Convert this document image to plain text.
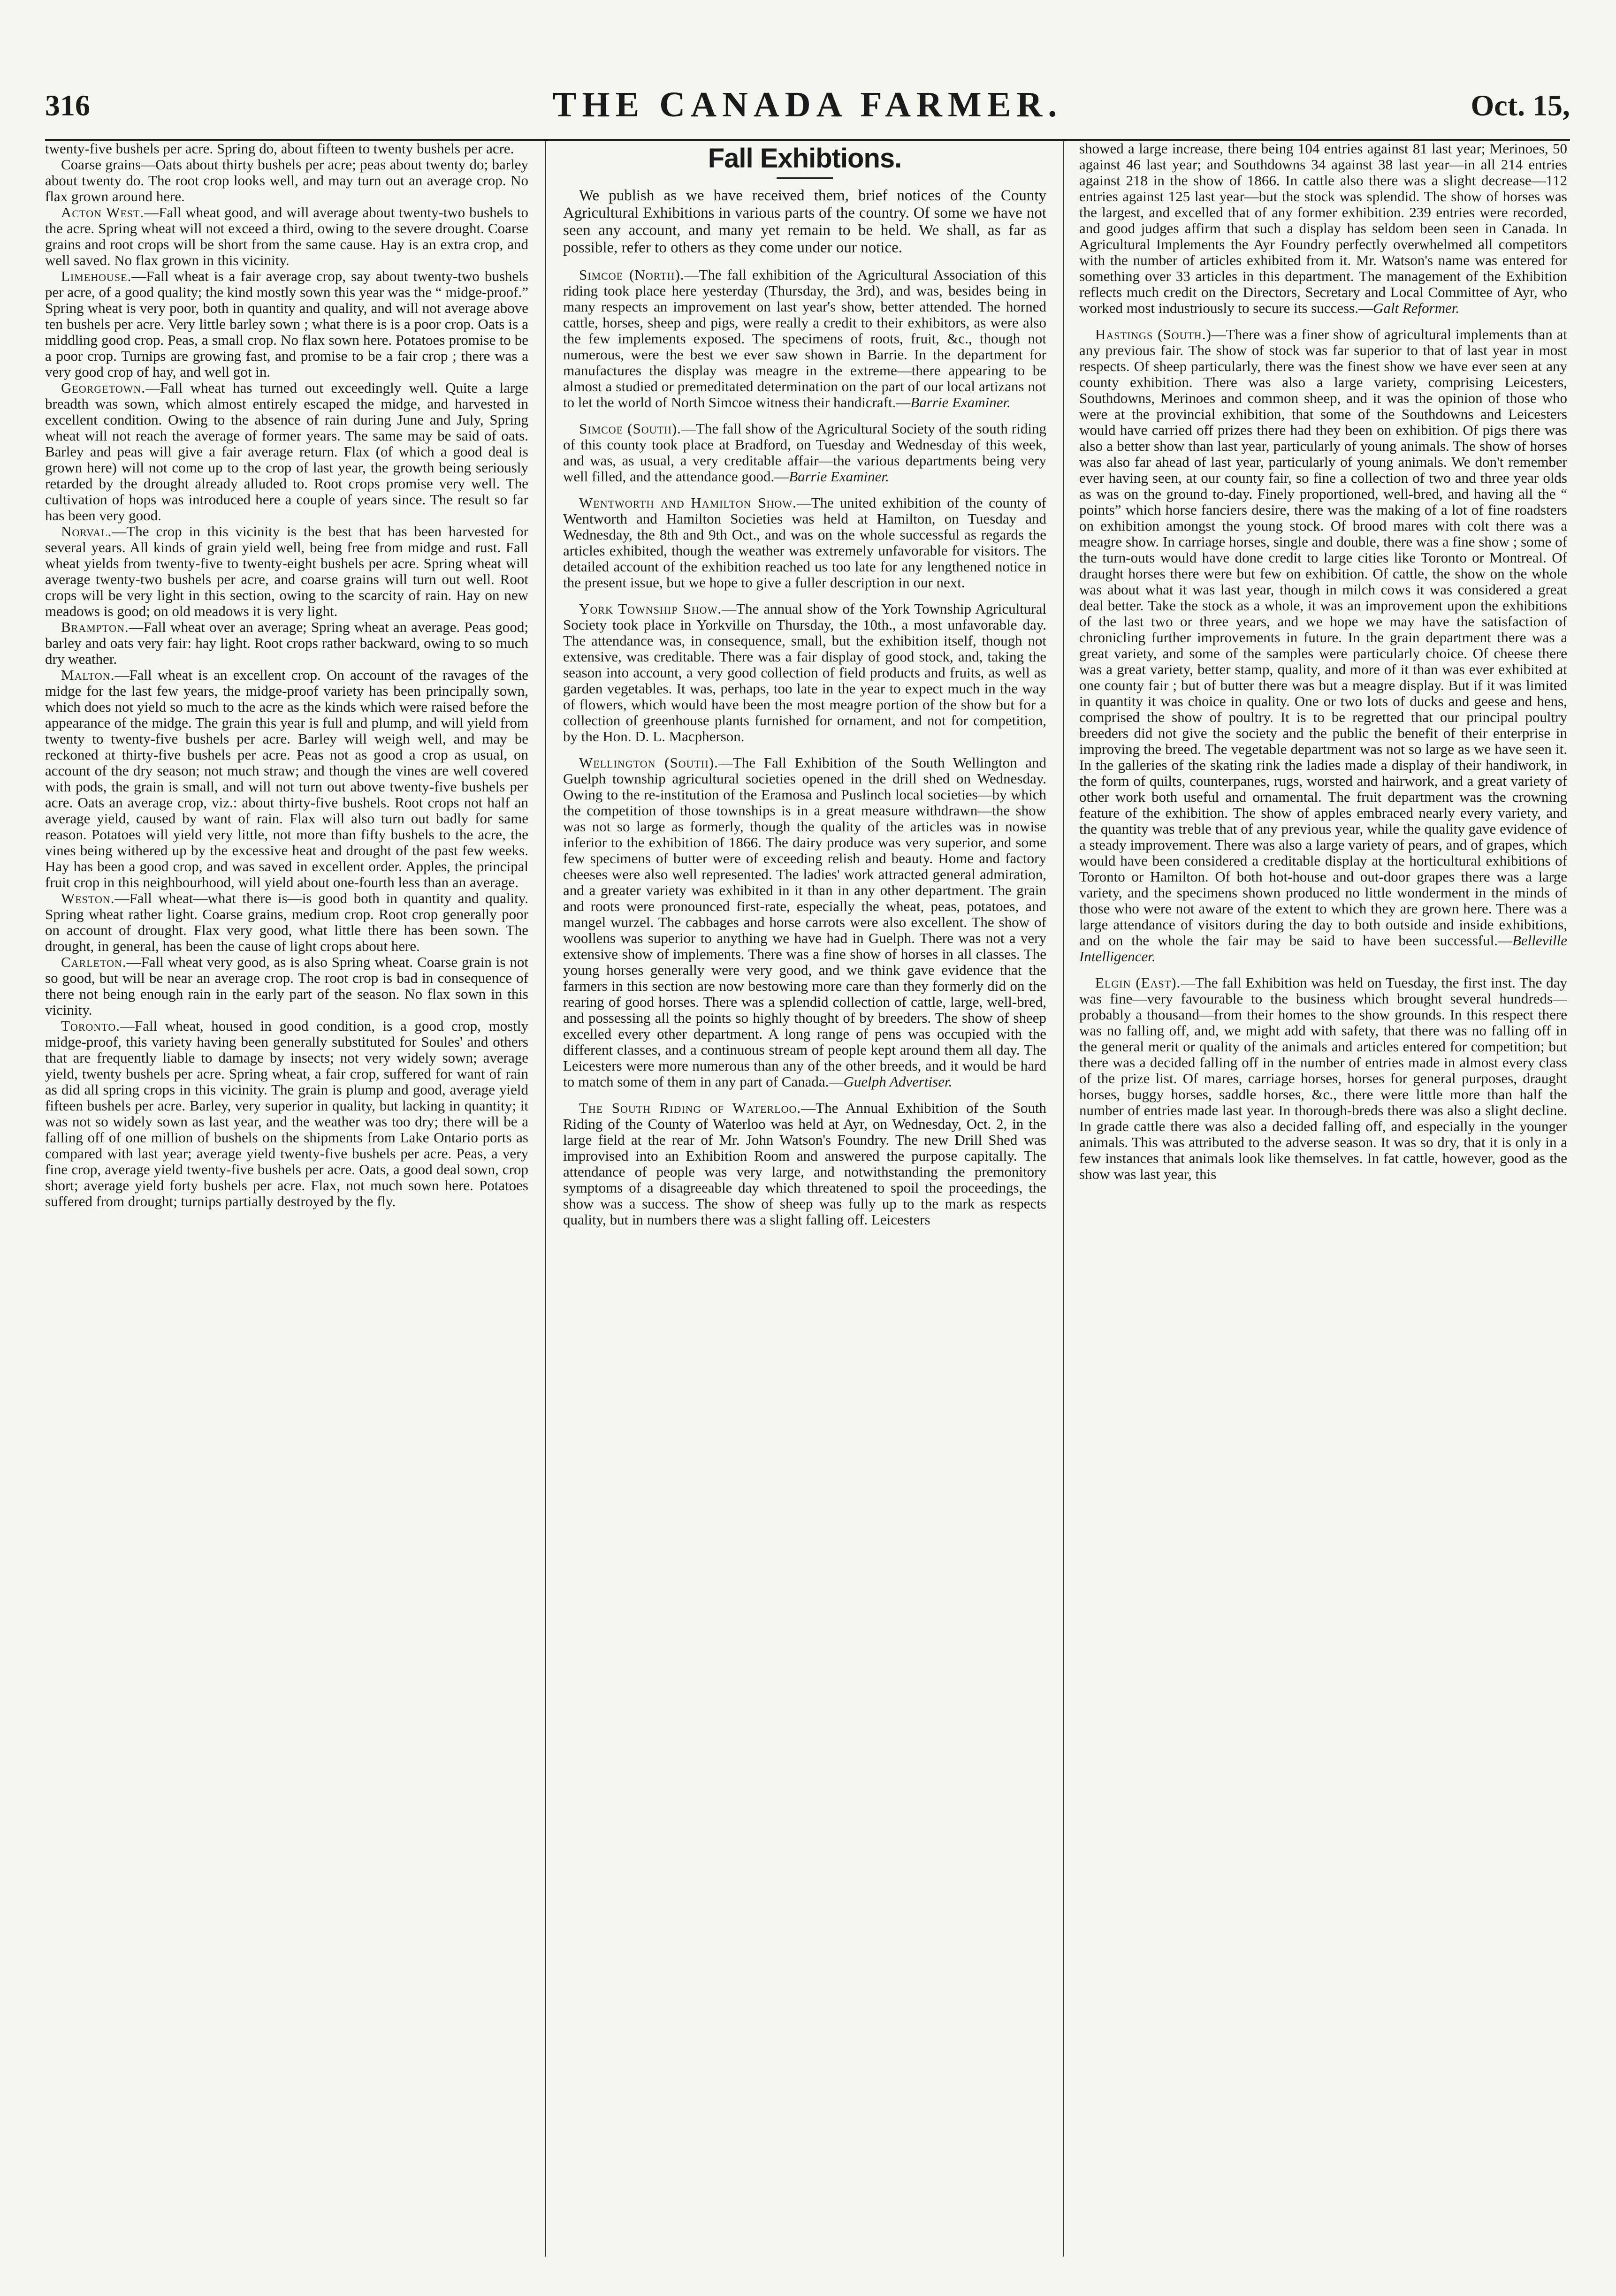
316	THE CANADA FARMER.	Oct. 15,

twenty-five bushels per acre. Spring do, about fifteen to twenty bushels per acre.

Coarse grains—Oats about thirty bushels per acre; peas about twenty do; barley about twenty do. The root crop looks well, and may turn out an average crop. No flax grown around here.

Acton West.—Fall wheat good, and will average about twenty-two bushels to the acre. Spring wheat will not exceed a third, owing to the severe drought. Coarse grains and root crops will be short from the same cause. Hay is an extra crop, and well saved. No flax grown in this vicinity.

Limehouse.—Fall wheat is a fair average crop, say about twenty-two bushels per acre, of a good quality; the kind mostly sown this year was the “ midge-proof.” Spring wheat is very poor, both in quantity and quality, and will not average above ten bushels per acre. Very little barley sown ; what there is is a poor crop. Oats is a middling good crop. Peas, a small crop. No flax sown here. Potatoes promise to be a poor crop. Turnips are growing fast, and promise to be a fair crop ; there was a very good crop of hay, and well got in.

Georgetown.—Fall wheat has turned out exceedingly well. Quite a large breadth was sown, which almost entirely escaped the midge, and harvested in excellent condition. Owing to the absence of rain during June and July, Spring wheat will not reach the average of former years. The same may be said of oats. Barley and peas will give a fair average return. Flax (of which a good deal is grown here) will not come up to the crop of last year, the growth being seriously retarded by the drought already alluded to. Root crops promise very well. The cultivation of hops was introduced here a couple of years since. The result so far has been very good.

Norval.—The crop in this vicinity is the best that has been harvested for several years. All kinds of grain yield well, being free from midge and rust. Fall wheat yields from twenty-five to twenty-eight bushels per acre. Spring wheat will average twenty-two bushels per acre, and coarse grains will turn out well. Root crops will be very light in this section, owing to the scarcity of rain. Hay on new meadows is good; on old meadows it is very light.

Brampton.—Fall wheat over an average; Spring wheat an average. Peas good; barley and oats very fair: hay light. Root crops rather backward, owing to so much dry weather.

Malton.—Fall wheat is an excellent crop. On account of the ravages of the midge for the last few years, the midge-proof variety has been principally sown, which does not yield so much to the acre as the kinds which were raised before the appearance of the midge. The grain this year is full and plump, and will yield from twenty to twenty-five bushels per acre. Barley will weigh well, and may be reckoned at thirty-five bushels per acre. Peas not as good a crop as usual, on account of the dry season; not much straw; and though the vines are well covered with pods, the grain is small, and will not turn out above twenty-five bushels per acre. Oats an average crop, viz.: about thirty-five bushels. Root crops not half an average yield, caused by want of rain. Flax will also turn out badly for same reason. Potatoes will yield very little, not more than fifty bushels to the acre, the vines being withered up by the excessive heat and drought of the past few weeks. Hay has been a good crop, and was saved in excellent order. Apples, the principal fruit crop in this neighbourhood, will yield about one-fourth less than an average.

Weston.—Fall wheat—what there is—is good both in quantity and quality. Spring wheat rather light. Coarse grains, medium crop. Root crop generally poor on account of drought. Flax very good, what little there has been sown. The drought, in general, has been the cause of light crops about here.

Carleton.—Fall wheat very good, as is also Spring wheat. Coarse grain is not so good, but will be near an average crop. The root crop is bad in consequence of there not being enough rain in the early part of the season. No flax sown in this vicinity.

Toronto.—Fall wheat, housed in good condition, is a good crop, mostly midge-proof, this variety having been generally substituted for Soules' and others that are frequently liable to damage by insects; not very widely sown; average yield, twenty bushels per acre. Spring wheat, a fair crop, suffered for want of rain as did all spring crops in this vicinity. The grain is plump and good, average yield fifteen bushels per acre. Barley, very superior in quality, but lacking in quantity; it was not so widely sown as last year, and the weather was too dry; there will be a falling off of one million of bushels on the shipments from Lake Ontario ports as compared with last year; average yield twenty-five bushels per acre. Peas, a very fine crop, average yield twenty-five bushels per acre. Oats, a good deal sown, crop short; average yield forty bushels per acre. Flax, not much sown here. Potatoes suffered from drought; turnips partially destroyed by the fly.

Fall Exhibtions.

We publish as we have received them, brief notices of the County Agricultural Exhibitions in various parts of the country. Of some we have not seen any account, and many yet remain to be held. We shall, as far as possible, refer to others as they come under our notice.

Simcoe (North).—The fall exhibition of the Agricultural Association of this riding took place here yesterday (Thursday, the 3rd), and was, besides being in many respects an improvement on last year's show, better attended. The horned cattle, horses, sheep and pigs, were really a credit to their exhibitors, as were also the few implements exposed. The specimens of roots, fruit, &c., though not numerous, were the best we ever saw shown in Barrie. In the department for manufactures the display was meagre in the extreme—there appearing to be almost a studied or premeditated determination on the part of our local artizans not to let the world of North Simcoe witness their handicraft.—Barrie Examiner.

Simcoe (South).—The fall show of the Agricultural Society of the south riding of this county took place at Bradford, on Tuesday and Wednesday of this week, and was, as usual, a very creditable affair—the various departments being very well filled, and the attendance good.—Barrie Examiner.

Wentworth and Hamilton Show.—The united exhibition of the county of Wentworth and Hamilton Societies was held at Hamilton, on Tuesday and Wednesday, the 8th and 9th Oct., and was on the whole successful as regards the articles exhibited, though the weather was extremely unfavorable for visitors. The detailed account of the exhibition reached us too late for any lengthened notice in the present issue, but we hope to give a fuller description in our next.

York Township Show.—The annual show of the York Township Agricultural Society took place in Yorkville on Thursday, the 10th., a most unfavorable day. The attendance was, in consequence, small, but the exhibition itself, though not extensive, was creditable. There was a fair display of good stock, and, taking the season into account, a very good collection of field products and fruits, as well as garden vegetables. It was, perhaps, too late in the year to expect much in the way of flowers, which would have been the most meagre portion of the show but for a collection of greenhouse plants furnished for ornament, and not for competition, by the Hon. D. L. Macpherson.

Wellington (South).—The Fall Exhibition of the South Wellington and Guelph township agricultural societies opened in the drill shed on Wednesday. Owing to the re-institution of the Eramosa and Puslinch local societies—by which the competition of those townships is in a great measure withdrawn—the show was not so large as formerly, though the quality of the articles was in nowise inferior to the exhibition of 1866. The dairy produce was very superior, and some few specimens of butter were of exceeding relish and beauty. Home and factory cheeses were also well represented. The ladies' work attracted general admiration, and a greater variety was exhibited in it than in any other department. The grain and roots were pronounced first-rate, especially the wheat, peas, potatoes, and mangel wurzel. The cabbages and horse carrots were also excellent. The show of woollens was superior to anything we have had in Guelph. There was not a very extensive show of implements. There was a fine show of horses in all classes. The young horses generally were very good, and we think gave evidence that the farmers in this section are now bestowing more care than they formerly did on the rearing of good horses. There was a splendid collection of cattle, large, well-bred, and possessing all the points so highly thought of by breeders. The show of sheep excelled every other department. A long range of pens was occupied with the different classes, and a continuous stream of people kept around them all day. The Leicesters were more numerous than any of the other breeds, and it would be hard to match some of them in any part of Canada.—Guelph Advertiser.

The South Riding of Waterloo.—The Annual Exhibition of the South Riding of the County of Waterloo was held at Ayr, on Wednesday, Oct. 2, in the large field at the rear of Mr. John Watson's Foundry. The new Drill Shed was improvised into an Exhibition Room and answered the purpose capitally. The attendance of people was very large, and notwithstanding the premonitory symptoms of a disagreeable day which threatened to spoil the proceedings, the show was a success. The show of sheep was fully up to the mark as respects quality, but in numbers there was a slight falling off. Leicesters

showed a large increase, there being 104 entries against 81 last year; Merinoes, 50 against 46 last year; and Southdowns 34 against 38 last year—in all 214 entries against 218 in the show of 1866. In cattle also there was a slight decrease—112 entries against 125 last year—but the stock was splendid. The show of horses was the largest, and excelled that of any former exhibition. 239 entries were recorded, and good judges affirm that such a display has seldom been seen in Canada. In Agricultural Implements the Ayr Foundry perfectly overwhelmed all competitors with the number of articles exhibited from it. Mr. Watson's name was entered for something over 33 articles in this department. The management of the Exhibition reflects much credit on the Directors, Secretary and Local Committee of Ayr, who worked most industriously to secure its success.—Galt Reformer.

Hastings (South.)—There was a finer show of agricultural implements than at any previous fair. The show of stock was far superior to that of last year in most respects. Of sheep particularly, there was the finest show we have ever seen at any county exhibition. There was also a large variety, comprising Leicesters, Southdowns, Merinoes and common sheep, and it was the opinion of those who were at the provincial exhibition, that some of the Southdowns and Leicesters would have carried off prizes there had they been on exhibition. Of pigs there was also a better show than last year, particularly of young animals. The show of horses was also far ahead of last year, particularly of young animals. We don't remember ever having seen, at our county fair, so fine a collection of two and three year olds as was on the ground to-day. Finely proportioned, well-bred, and having all the “ points” which horse fanciers desire, there was the making of a lot of fine roadsters on exhibition amongst the young stock. Of brood mares with colt there was a meagre show. In carriage horses, single and double, there was a fine show ; some of the turn-outs would have done credit to large cities like Toronto or Montreal. Of draught horses there were but few on exhibition. Of cattle, the show on the whole was about what it was last year, though in milch cows it was considered a great deal better. Take the stock as a whole, it was an improvement upon the exhibitions of the last two or three years, and we hope we may have the satisfaction of chronicling further improvements in future. In the grain department there was a great variety, and some of the samples were particularly choice. Of cheese there was a great variety, better stamp, quality, and more of it than was ever exhibited at one county fair ; but of butter there was but a meagre display. But if it was limited in quantity it was choice in quality. One or two lots of ducks and geese and hens, comprised the show of poultry. It is to be regretted that our principal poultry breeders did not give the society and the public the benefit of their enterprise in improving the breed. The vegetable department was not so large as we have seen it. In the galleries of the skating rink the ladies made a display of their handiwork, in the form of quilts, counterpanes, rugs, worsted and hairwork, and a great variety of other work both useful and ornamental. The fruit department was the crowning feature of the exhibition. The show of apples embraced nearly every variety, and the quantity was treble that of any previous year, while the quality gave evidence of a steady improvement. There was also a large variety of pears, and of grapes, which would have been considered a creditable display at the horticultural exhibitions of Toronto or Hamilton. Of both hot-house and out-door grapes there was a large variety, and the specimens shown produced no little wonderment in the minds of those who were not aware of the extent to which they are grown here. There was a large attendance of visitors during the day to both outside and inside exhibitions, and on the whole the fair may be said to have been successful.—Belleville Intelligencer.

Elgin (East).—The fall Exhibition was held on Tuesday, the first inst. The day was fine—very favourable to the business which brought several hundreds—probably a thousand—from their homes to the show grounds. In this respect there was no falling off, and, we might add with safety, that there was no falling off in the general merit or quality of the animals and articles entered for competition; but there was a decided falling off in the number of entries made in almost every class of the prize list. Of mares, carriage horses, horses for general purposes, draught horses, buggy horses, saddle horses, &c., there were little more than half the number of entries made last year. In thorough-breds there was also a slight decline. In grade cattle there was also a decided falling off, and especially in the younger animals. This was attributed to the adverse season. It was so dry, that it is only in a few instances that animals look like themselves. In fat cattle, however, good as the show was last year, this
